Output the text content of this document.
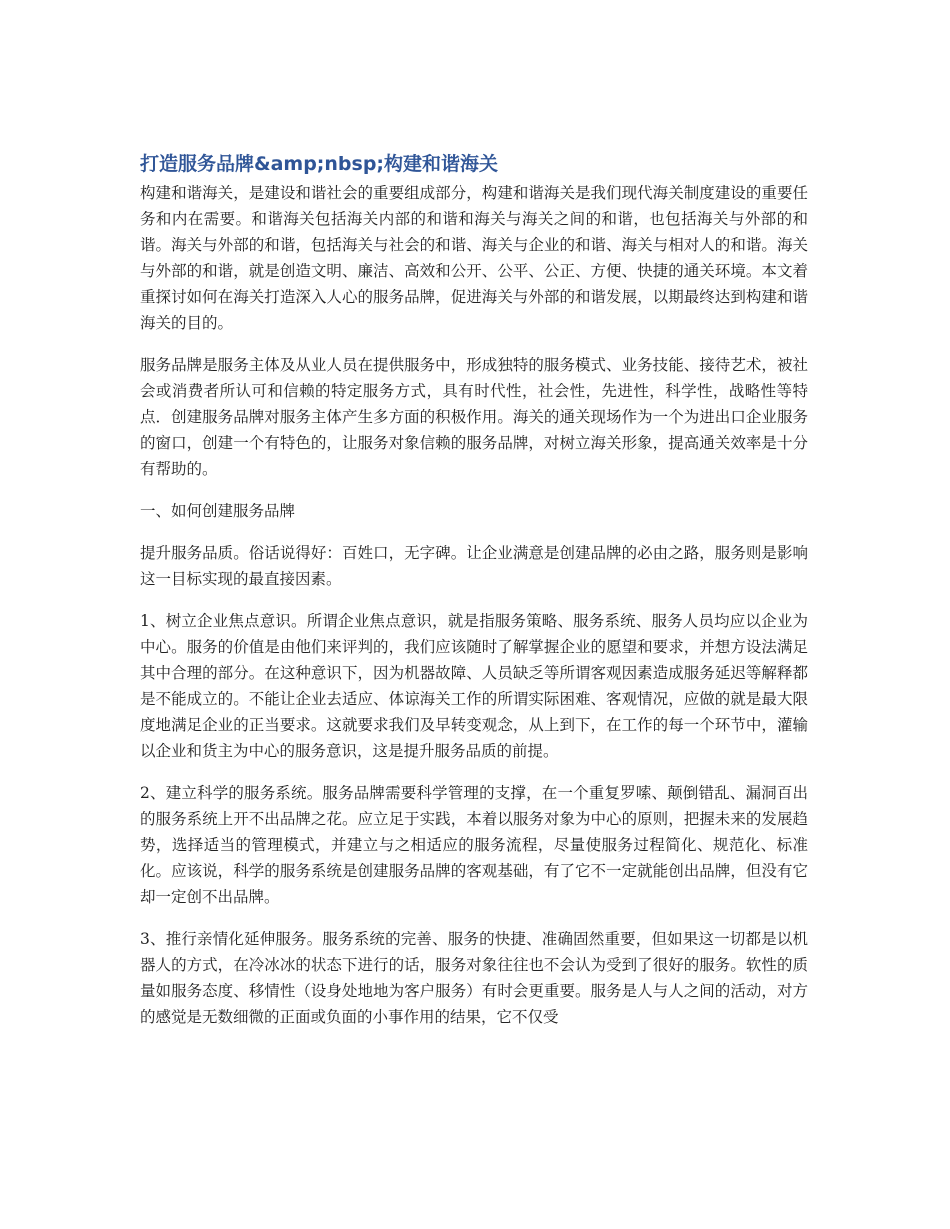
打造服务品牌&amp;nbsp;构建和谐海关

构建和谐海关，是建设和谐社会的重要组成部分，构建和谐海关是我们现代海关制度建设的重要任务和内在需要。和谐海关包括海关内部的和谐和海关与海关之间的和谐，也包括海关与外部的和谐。海关与外部的和谐，包括海关与社会的和谐、海关与企业的和谐、海关与相对人的和谐。海关与外部的和谐，就是创造文明、廉洁、高效和公开、公平、公正、方便、快捷的通关环境。本文着重探讨如何在海关打造深入人心的服务品牌，促进海关与外部的和谐发展，以期最终达到构建和谐海关的目的。

服务品牌是服务主体及从业人员在提供服务中，形成独特的服务模式、业务技能、接待艺术，被社会或消费者所认可和信赖的特定服务方式，具有时代性，社会性，先进性，科学性，战略性等特点．创建服务品牌对服务主体产生多方面的积极作用。海关的通关现场作为一个为进出口企业服务的窗口，创建一个有特色的，让服务对象信赖的服务品牌，对树立海关形象，提高通关效率是十分有帮助的。

一、如何创建服务品牌

提升服务品质。俗话说得好：百姓口，无字碑。让企业满意是创建品牌的必由之路，服务则是影响这一目标实现的最直接因素。

1、树立企业焦点意识。所谓企业焦点意识，就是指服务策略、服务系统、服务人员均应以企业为中心。服务的价值是由他们来评判的，我们应该随时了解掌握企业的愿望和要求，并想方设法满足其中合理的部分。在这种意识下，因为机器故障、人员缺乏等所谓客观因素造成服务延迟等解释都是不能成立的。不能让企业去适应、体谅海关工作的所谓实际困难、客观情况，应做的就是最大限度地满足企业的正当要求。这就要求我们及早转变观念，从上到下，在工作的每一个环节中，灌输以企业和货主为中心的服务意识，这是提升服务品质的前提。

2、建立科学的服务系统。服务品牌需要科学管理的支撑，在一个重复罗嗦、颠倒错乱、漏洞百出的服务系统上开不出品牌之花。应立足于实践，本着以服务对象为中心的原则，把握未来的发展趋势，选择适当的管理模式，并建立与之相适应的服务流程，尽量使服务过程简化、规范化、标准化。应该说，科学的服务系统是创建服务品牌的客观基础，有了它不一定就能创出品牌，但没有它却一定创不出品牌。

3、推行亲情化延伸服务。服务系统的完善、服务的快捷、准确固然重要，但如果这一切都是以机器人的方式，在冷冰冰的状态下进行的话，服务对象往往也不会认为受到了很好的服务。软性的质量如服务态度、移情性（设身处地地为客户服务）有时会更重要。服务是人与人之间的活动，对方的感觉是无数细微的正面或负面的小事作用的结果，它不仅受
